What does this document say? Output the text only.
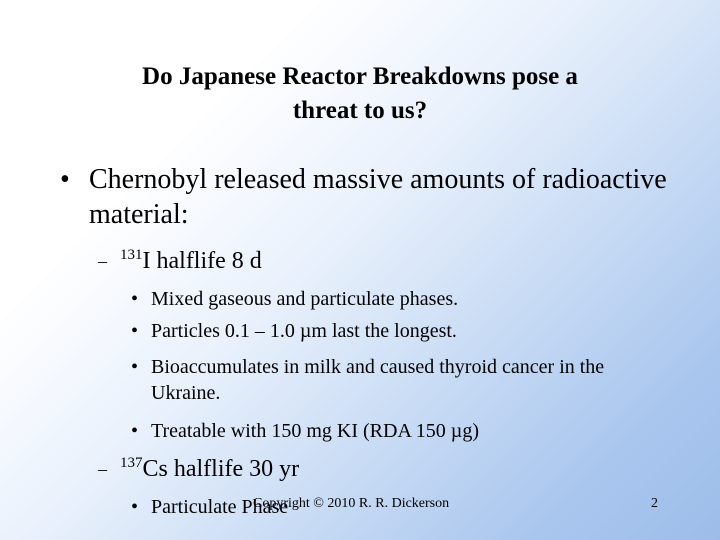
Do Japanese Reactor Breakdowns pose a
threat to us?
• Chernobyl released massive amounts of radioactive material:
– $^{131}$I halflife 8 d
• Mixed gaseous and particulate phases.
• Particles 0.1 – 1.0 µm last the longest.
• Bioaccumulates in milk and caused thyroid cancer in the Ukraine.
• Treatable with 150 mg KI (RDA 150 µg)
– $^{137}$Cs halflife 30 yr
• Particulate Phase
Copyright © 2010 R. R. Dickerson	2
